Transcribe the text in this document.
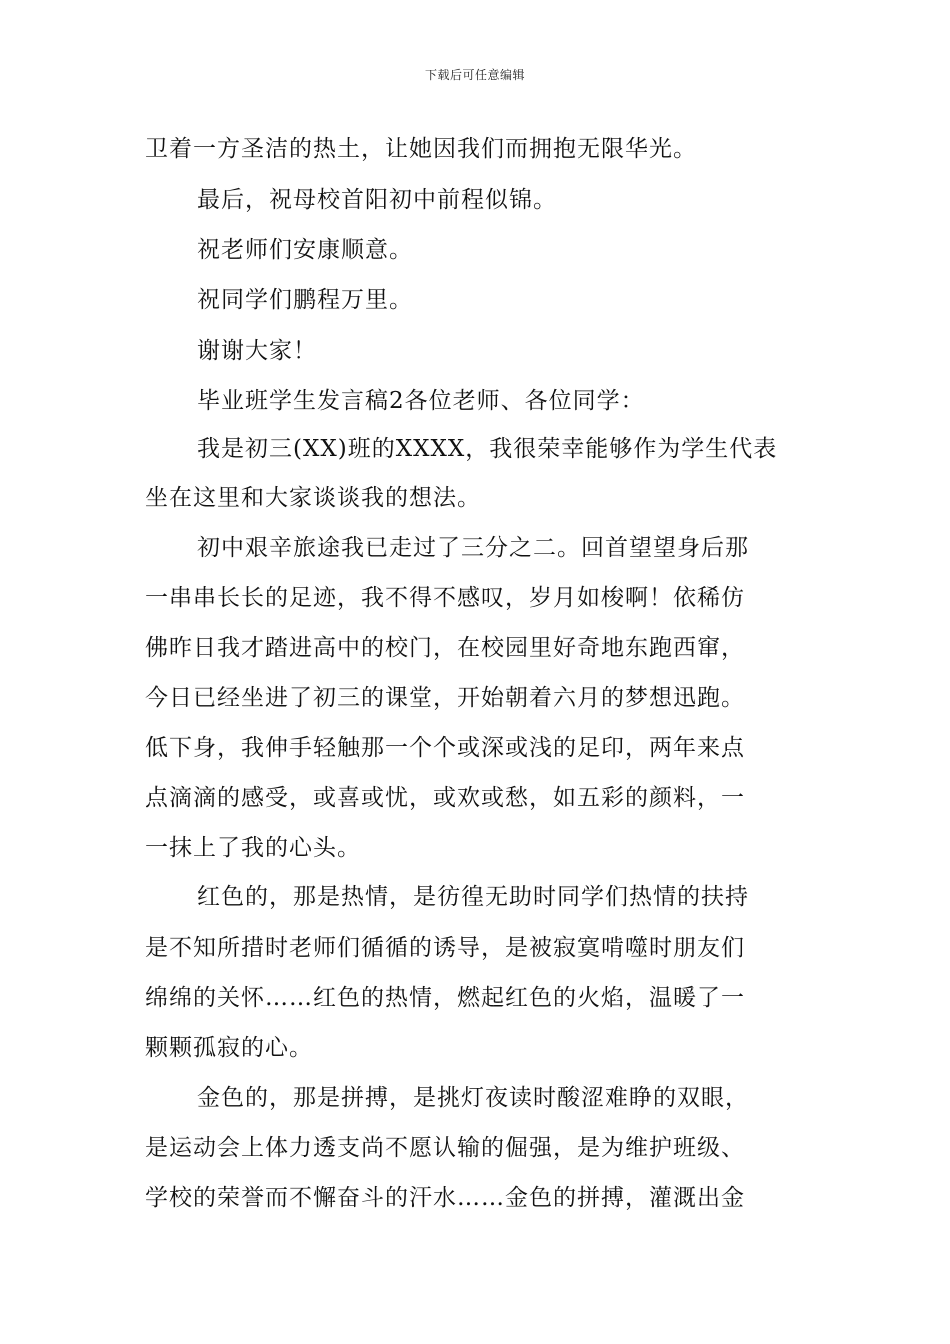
下载后可任意编辑
卫着一方圣洁的热土，让她因我们而拥抱无限华光。
最后，祝母校首阳初中前程似锦。
祝老师们安康顺意。
祝同学们鹏程万里。
谢谢大家！
毕业班学生发言稿2各位老师、各位同学：
我是初三(XX)班的XXXX，我很荣幸能够作为学生代表
坐在这里和大家谈谈我的想法。
初中艰辛旅途我已走过了三分之二。回首望望身后那
一串串长长的足迹，我不得不感叹，岁月如梭啊！依稀仿
佛昨日我才踏进高中的校门，在校园里好奇地东跑西窜，
今日已经坐进了初三的课堂，开始朝着六月的梦想迅跑。
低下身，我伸手轻触那一个个或深或浅的足印，两年来点
点滴滴的感受，或喜或忧，或欢或愁，如五彩的颜料，一
一抹上了我的心头。
红色的，那是热情，是彷徨无助时同学们热情的扶持
是不知所措时老师们循循的诱导，是被寂寞啃噬时朋友们
绵绵的关怀……红色的热情，燃起红色的火焰，温暖了一
颗颗孤寂的心。
金色的，那是拼搏，是挑灯夜读时酸涩难睁的双眼，
是运动会上体力透支尚不愿认输的倔强，是为维护班级、
学校的荣誉而不懈奋斗的汗水……金色的拼搏，灌溉出金
